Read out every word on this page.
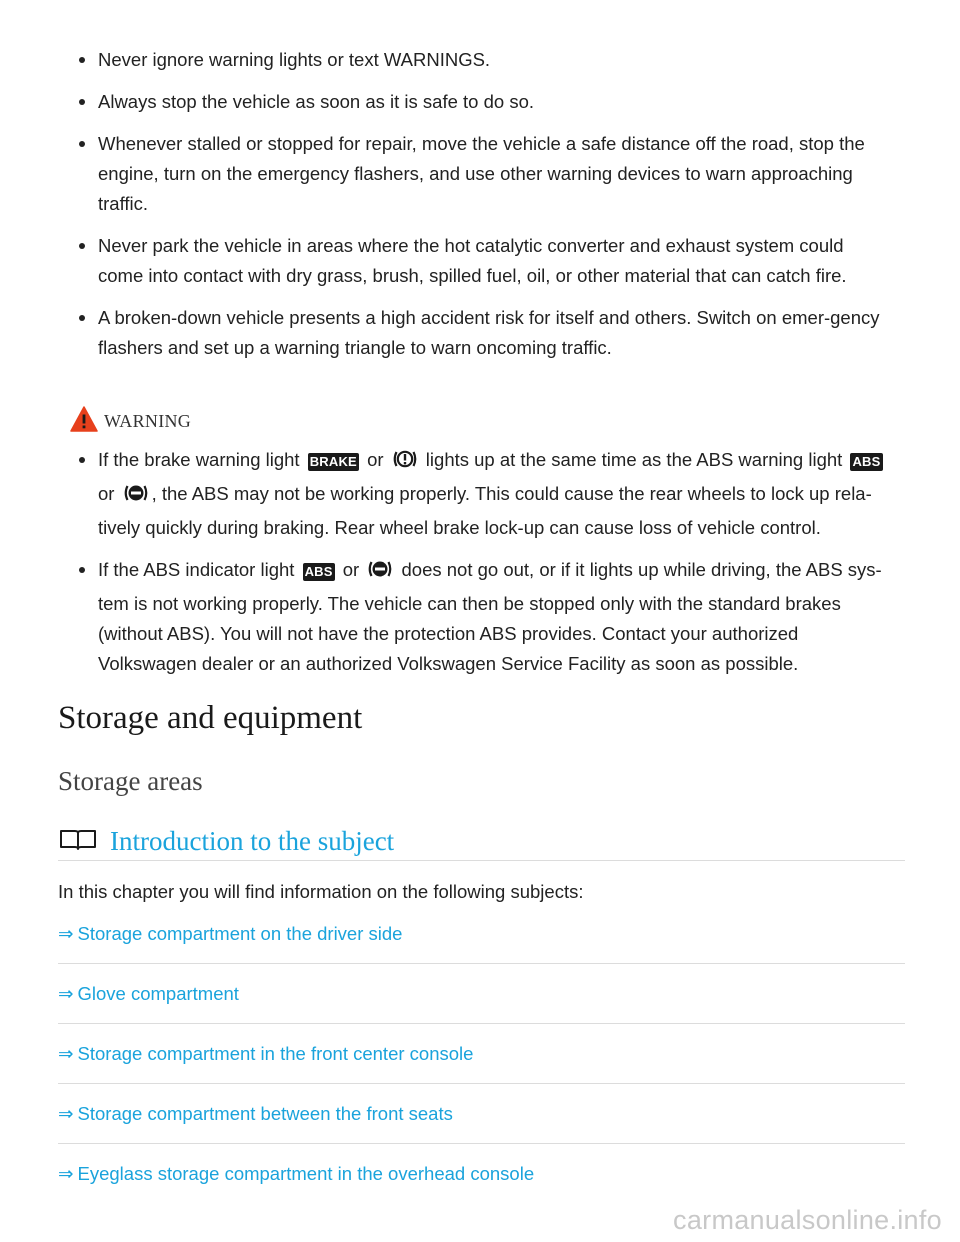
Never ignore warning lights or text WARNINGS.
Always stop the vehicle as soon as it is safe to do so.
Whenever stalled or stopped for repair, move the vehicle a safe distance off the road, stop the engine, turn on the emergency flashers, and use other warning devices to warn approaching traffic.
Never park the vehicle in areas where the hot catalytic converter and exhaust system could come into contact with dry grass, brush, spilled fuel, oil, or other material that can catch fire.
A broken-down vehicle presents a high accident risk for itself and others. Switch on emer-gency flashers and set up a warning triangle to warn oncoming traffic.
WARNING
If the brake warning light BRAKE or  lights up at the same time as the ABS warning light ABS
or , the ABS may not be working properly. This could cause the rear wheels to lock up rela-tively quickly during braking. Rear wheel brake lock-up can cause loss of vehicle control.
If the ABS indicator light ABS or  does not go out, or if it lights up while driving, the ABS sys-tem is not working properly. The vehicle can then be stopped only with the standard brakes (without ABS). You will not have the protection ABS provides. Contact your authorized Volkswagen dealer or an authorized Volkswagen Service Facility as soon as possible.
Storage and equipment
Storage areas
Introduction to the subject

In this chapter you will find information on the following subjects:

⇒ Storage compartment on the driver side
⇒ Glove compartment
⇒ Storage compartment in the front center console
⇒ Storage compartment between the front seats
⇒ Eyeglass storage compartment in the overhead console
carmanualsonline.info
